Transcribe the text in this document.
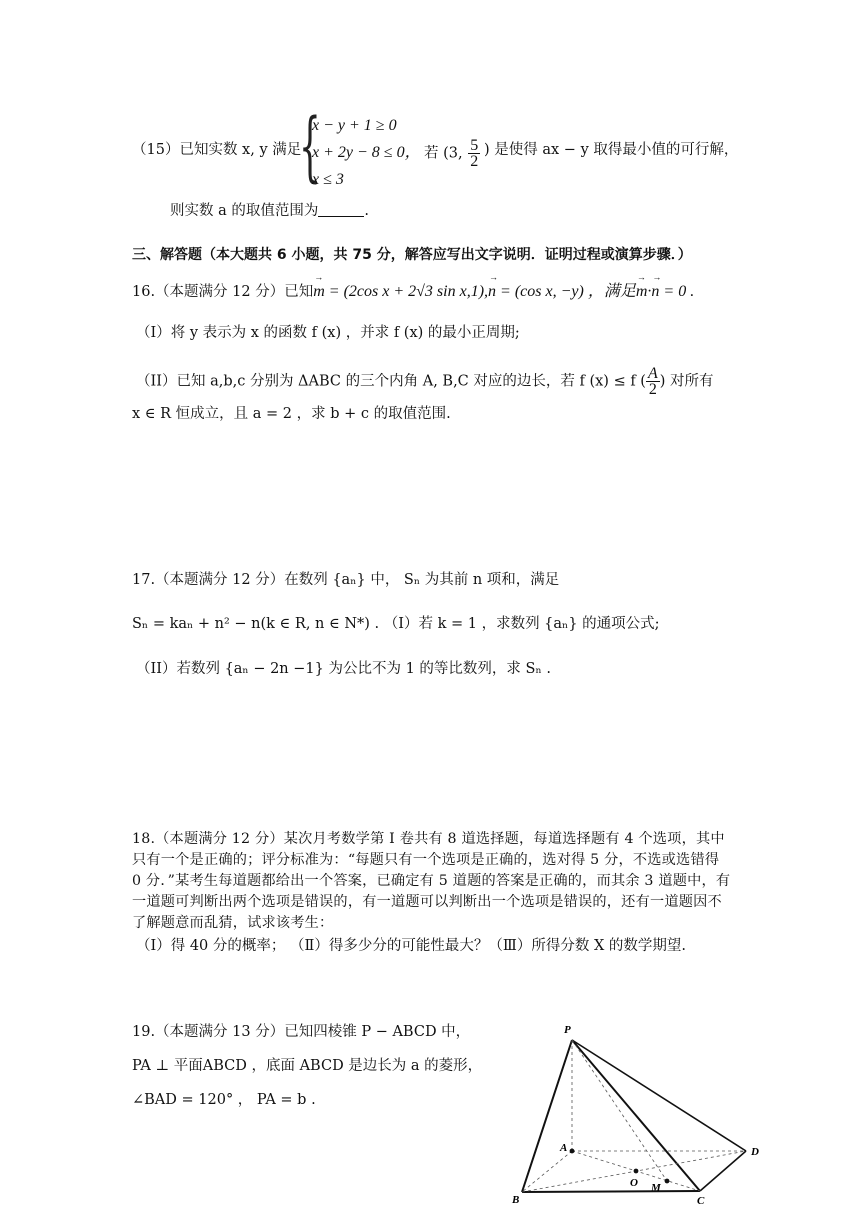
（15）已知实数 x, y 满足
{
x − y + 1 ≥ 0
x + 2y − 8 ≤ 0，
x ≤ 3
若 (3, $\frac{5}{2}$ ) 是使得 ax − y 取得最小值的可行解，
则实数 a 的取值范围为	.
三、解答题（本大题共 6 小题，共 75 分，解答应写出文字说明．证明过程或演算步骤．）
16.（本题满分 12 分）已知→ m = (2cos x + 2√3 sin x,1),→ n = (cos x, −y) ，满足→ m·→ n = 0 .
（I）将 y 表示为 x 的函数 f (x) ，并求 f (x) 的最小正周期;
（II）已知 a,b,c 分别为 ΔABC 的三个内角 A, B,C 对应的边长，若 f (x) ≤ f ( $\frac{A}{2}$ ) 对所有
x ∈ R 恒成立，且 a = 2 ，求 b + c 的取值范围.
17.（本题满分 12 分）在数列 {aₙ} 中， Sₙ 为其前 n 项和，满足
Sₙ = kaₙ + n² − n(k ∈ R, n ∈ N*) . （I）若 k = 1 ，求数列 {aₙ} 的通项公式;
（II）若数列 {aₙ − 2n −1} 为公比不为 1 的等比数列，求 Sₙ .
18.（本题满分 12 分）某次月考数学第 I 卷共有 8 道选择题，每道选择题有 4 个选项，其中只有一个是正确的；评分标准为：“每题只有一个选项是正确的，选对得 5 分，不选或选错得 0 分．”某考生每道题都给出一个答案，已确定有 5 道题的答案是正确的，而其余 3 道题中，有一道题可判断出两个选项是错误的，有一道题可以判断出一个选项是错误的，还有一道题因不了解题意而乱猜，试求该考生：
（Ⅰ）得 40 分的概率； （Ⅱ）得多少分的可能性最大？（Ⅲ）所得分数 X 的数学期望.
19.（本题满分 13 分）已知四棱锥 P − ABCD 中，
PA ⊥ 平面ABCD ，底面 ABCD 是边长为 a 的菱形，
∠BAD = 120° ， PA = b .
P
A
B	C
D
O M
